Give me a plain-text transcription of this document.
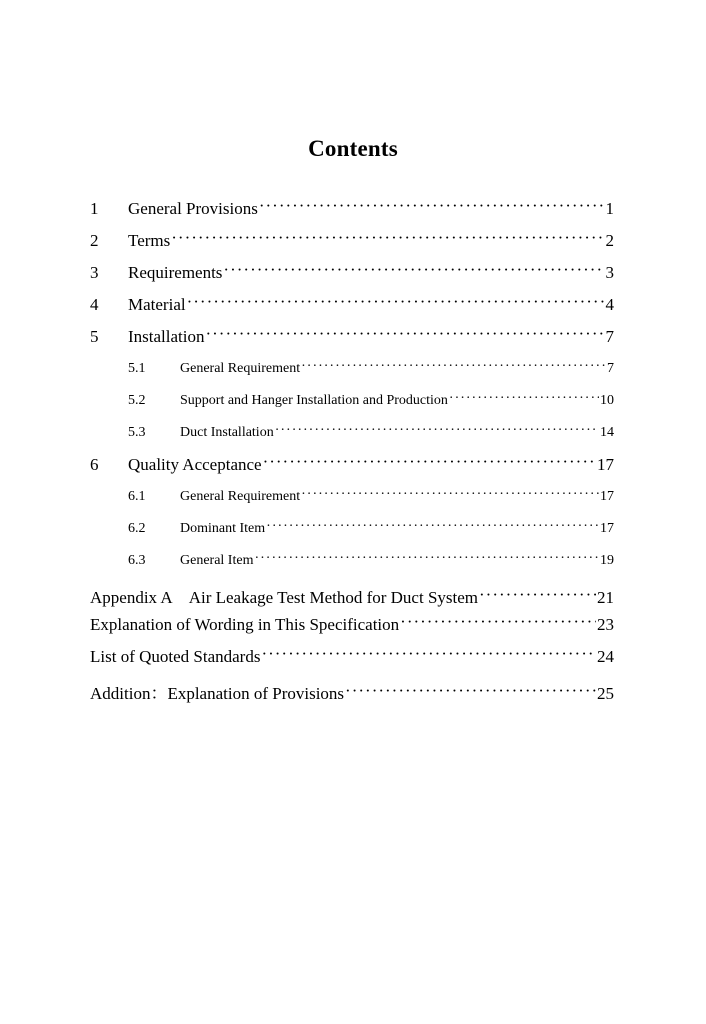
Contents
1	General Provisions ·····	1
2	Terms ·····	2
3	Requirements ·····	3
4	Material ·····	4
5	Installation ·····	7
5.1	General Requirement ·····	7
5.2	Support and Hanger Installation and Production ·····	10
5.3	Duct Installation ·····	14
6	Quality Acceptance ·····	17
6.1	General Requirement ·····	17
6.2	Dominant Item ·····	17
6.3	General Item ·····	19
Appendix A　Air Leakage Test Method for Duct System ·····	21
Explanation of Wording in This Specification ·····	23
List of Quoted Standards ·····	24
Addition：Explanation of Provisions ·····	25
